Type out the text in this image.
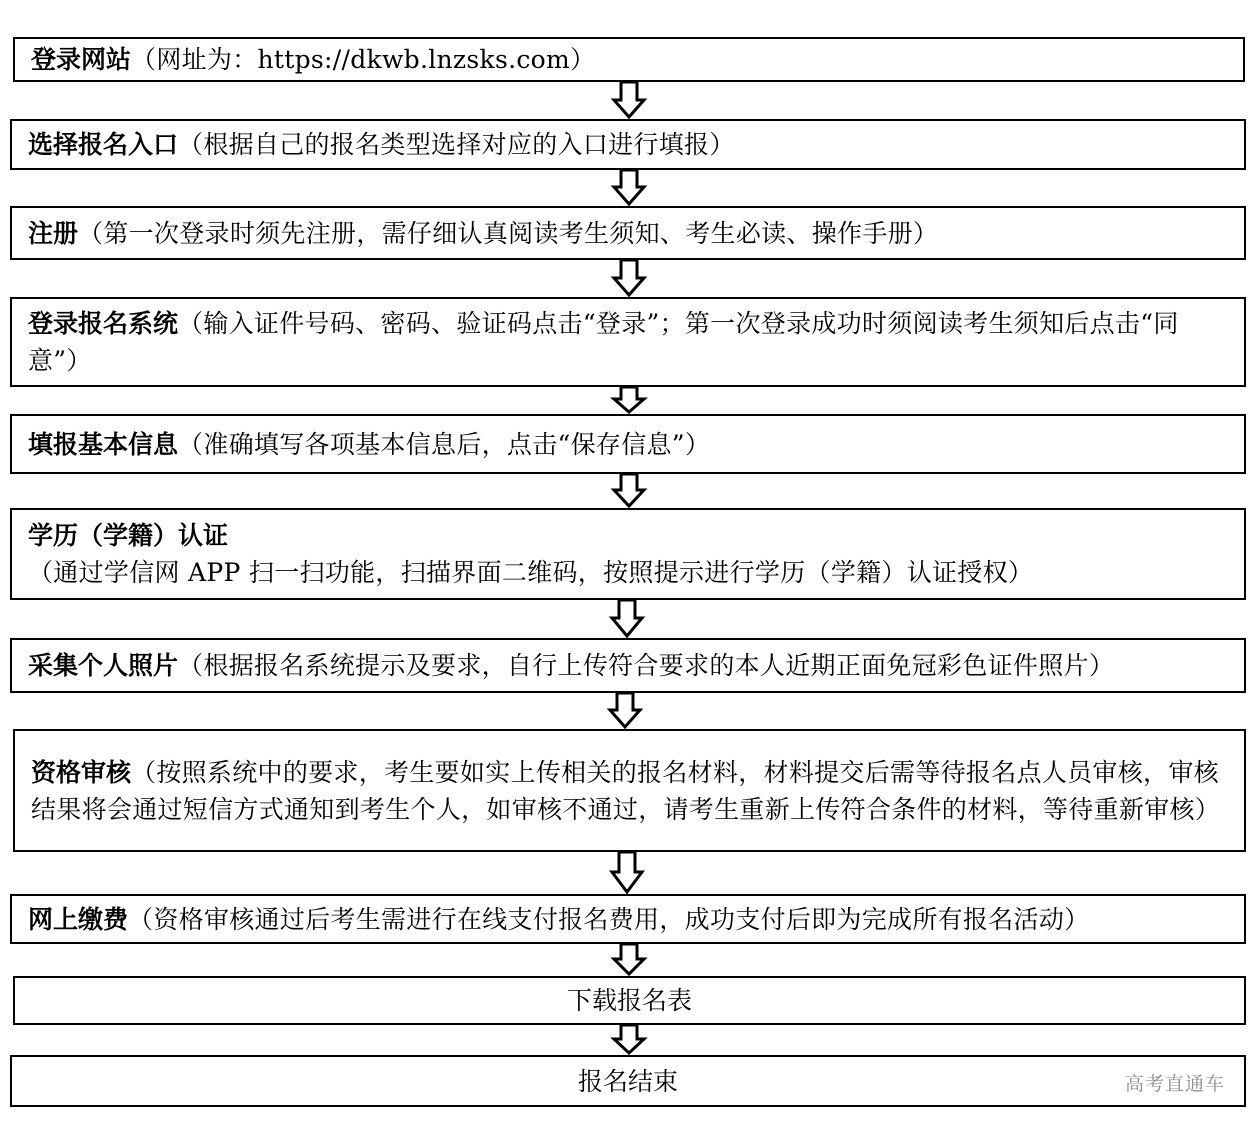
登录网站（网址为：https://dkwb.lnzsks.com）
选择报名入口（根据自己的报名类型选择对应的入口进行填报）
注册（第一次登录时须先注册，需仔细认真阅读考生须知、考生必读、操作手册）
登录报名系统（输入证件号码、密码、验证码点击“登录”；第一次登录成功时须阅读考生须知后点击“同意”）
填报基本信息（准确填写各项基本信息后，点击“保存信息”）
学历（学籍）认证（通过学信网 APP 扫一扫功能，扫描界面二维码，按照提示进行学历（学籍）认证授权）
采集个人照片（根据报名系统提示及要求，自行上传符合要求的本人近期正面免冠彩色证件照片）
资格审核（按照系统中的要求，考生要如实上传相关的报名材料，材料提交后需等待报名点人员审核，审核结果将会通过短信方式通知到考生个人，如审核不通过，请考生重新上传符合条件的材料，等待重新审核）
网上缴费（资格审核通过后考生需进行在线支付报名费用，成功支付后即为完成所有报名活动）
下载报名表
报名结束	高考直通车
